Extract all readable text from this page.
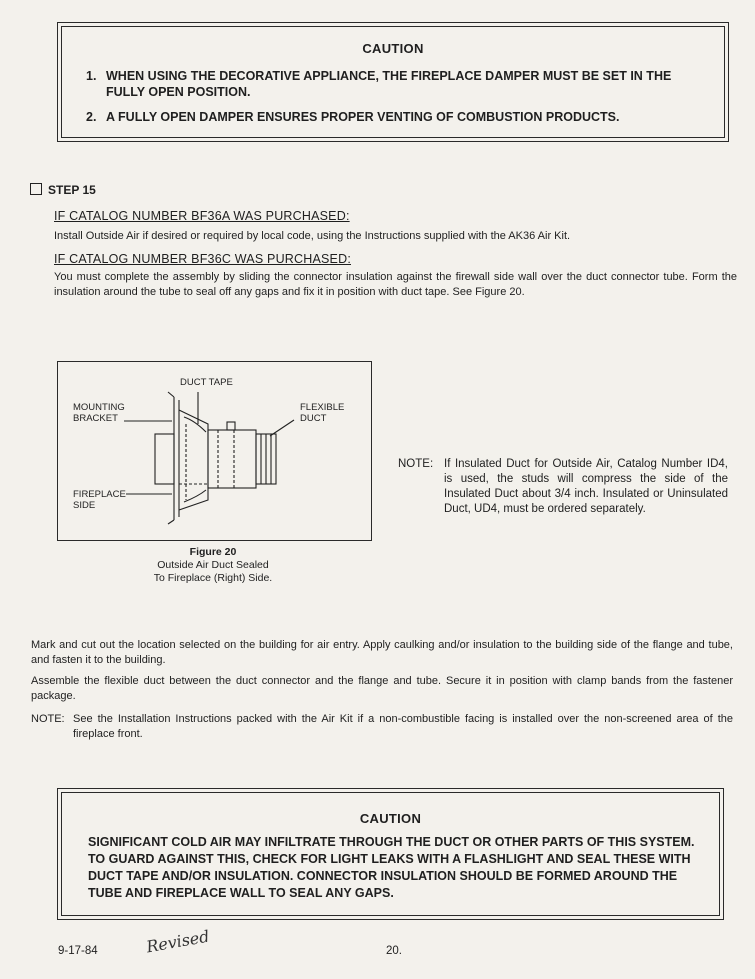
CAUTION
1. WHEN USING THE DECORATIVE APPLIANCE, THE FIREPLACE DAMPER MUST BE SET IN THE FULLY OPEN POSITION.
2. A FULLY OPEN DAMPER ENSURES PROPER VENTING OF COMBUSTION PRODUCTS.
STEP 15
IF CATALOG NUMBER BF36A WAS PURCHASED:
Install Outside Air if desired or required by local code, using the Instructions supplied with the AK36 Air Kit.
IF CATALOG NUMBER BF36C WAS PURCHASED:
You must complete the assembly by sliding the connector insulation against the firewall side wall over the duct connector tube. Form the insulation around the tube to seal off any gaps and fix it in position with duct tape. See Figure 20.
DUCT TAPE
MOUNTING
BRACKET
FLEXIBLE
DUCT
FIREPLACE
SIDE
Figure 20
Outside Air Duct Sealed
To Fireplace (Right) Side.
NOTE: If Insulated Duct for Outside Air, Catalog Number ID4, is used, the studs will compress the side of the Insulated Duct about 3/4 inch. Insulated or Uninsulated Duct, UD4, must be ordered separately.
Mark and cut out the location selected on the building for air entry. Apply caulking and/or insulation to the building side of the flange and tube, and fasten it to the building.
Assemble the flexible duct between the duct connector and the flange and tube. Secure it in position with clamp bands from the fastener package.
NOTE: See the Installation Instructions packed with the Air Kit if a non-combustible facing is installed over the non-screened area of the fireplace front.
CAUTION
SIGNIFICANT COLD AIR MAY INFILTRATE THROUGH THE DUCT OR OTHER PARTS OF THIS SYSTEM. TO GUARD AGAINST THIS, CHECK FOR LIGHT LEAKS WITH A FLASHLIGHT AND SEAL THESE WITH DUCT TAPE AND/OR INSULATION. CONNECTOR INSULATION SHOULD BE FORMED AROUND THE TUBE AND FIREPLACE WALL TO SEAL ANY GAPS.
9-17-84	Revised	20.
